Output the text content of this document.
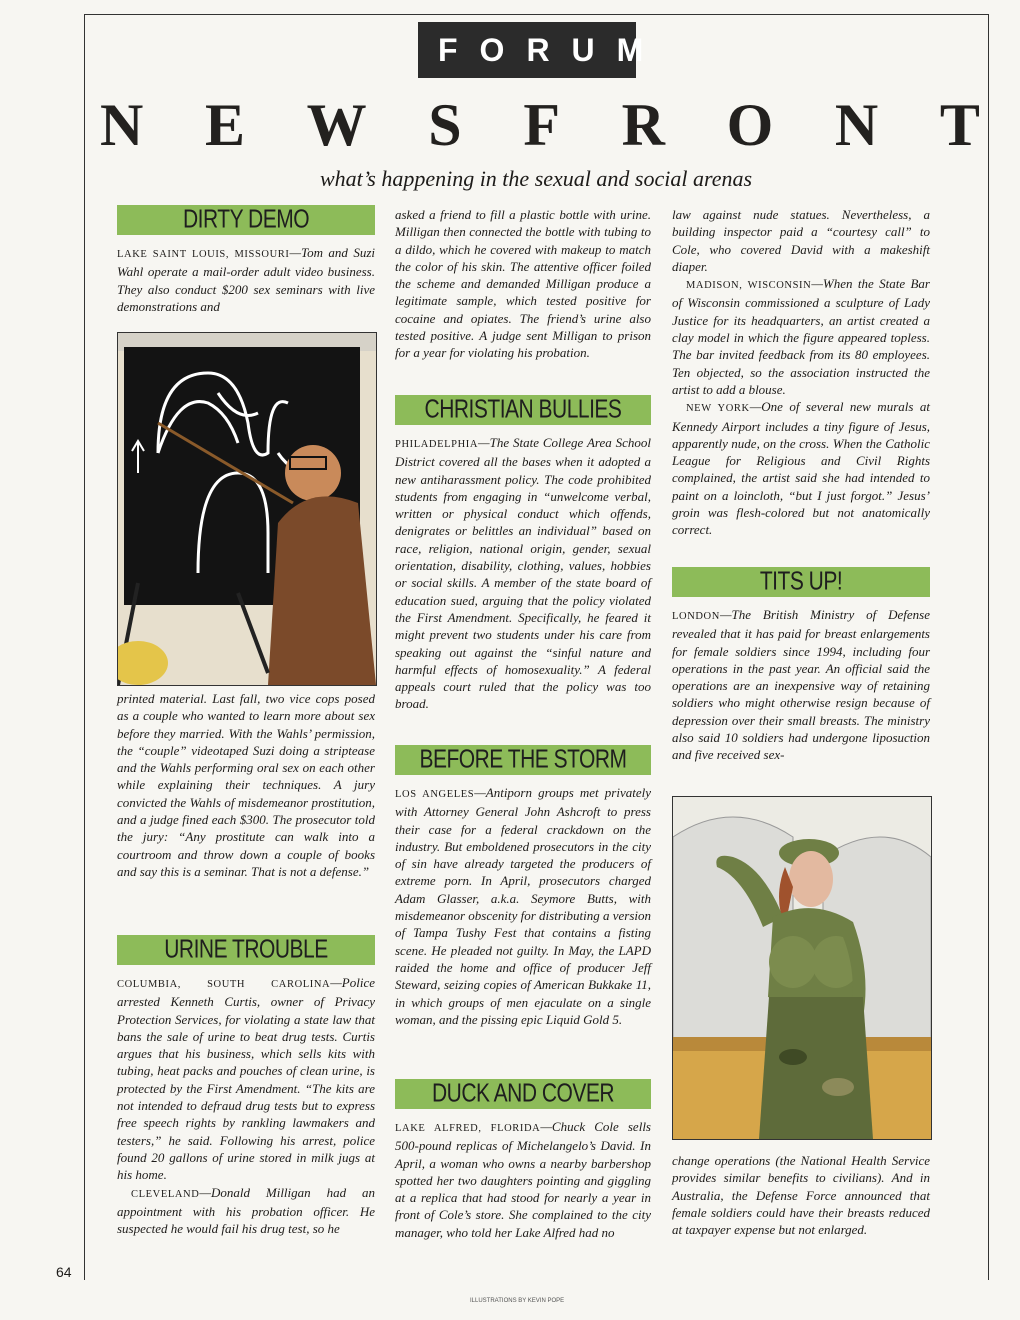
FORUM
N E W S F R O N T
what’s happening in the sexual and social arenas
DIRTY DEMO

LAKE SAINT LOUIS, MISSOURI—Tom and Suzi Wahl operate a mail-order adult video business. They also conduct $200 sex seminars with live demonstrations and

printed material. Last fall, two vice cops posed as a couple who wanted to learn more about sex before they married. With the Wahls’ permission, the “couple” videotaped Suzi doing a striptease and the Wahls performing oral sex on each other while explaining their techniques. A jury convicted the Wahls of misdemeanor prostitution, and a judge fined each $300. The prosecutor told the jury: “Any prostitute can walk into a courtroom and throw down a couple of books and say this is a seminar. That is not a defense.”

URINE TROUBLE

COLUMBIA, SOUTH CAROLINA—Police arrested Kenneth Curtis, owner of Privacy Protection Services, for violating a state law that bans the sale of urine to beat drug tests. Curtis argues that his business, which sells kits with tubing, heat packs and pouches of clean urine, is protected by the First Amendment. “The kits are not intended to defraud drug tests but to express free speech rights by rankling lawmakers and testers,” he said. Following his arrest, police found 20 gallons of urine stored in milk jugs at his home.

CLEVELAND—Donald Milligan had an appointment with his probation officer. He suspected he would fail his drug test, so he

asked a friend to fill a plastic bottle with urine. Milligan then connected the bottle with tubing to a dildo, which he covered with makeup to match the color of his skin. The attentive officer foiled the scheme and demanded Milligan produce a legitimate sample, which tested positive for cocaine and opiates. The friend’s urine also tested positive. A judge sent Milligan to prison for a year for violating his probation.

CHRISTIAN BULLIES

PHILADELPHIA—The State College Area School District covered all the bases when it adopted a new antiharassment policy. The code prohibited students from engaging in “unwelcome verbal, written or physical conduct which offends, denigrates or belittles an individual” based on race, religion, national origin, gender, sexual orientation, disability, clothing, values, hobbies or social skills. A member of the state board of education sued, arguing that the policy violated the First Amendment. Specifically, he feared it might prevent two students under his care from speaking out against the “sinful nature and harmful effects of homosexuality.” A federal appeals court ruled that the policy was too broad.

BEFORE THE STORM

LOS ANGELES—Antiporn groups met privately with Attorney General John Ashcroft to press their case for a federal crackdown on the industry. But emboldened prosecutors in the city of sin have already targeted the producers of extreme porn. In April, prosecutors charged Adam Glasser, a.k.a. Seymore Butts, with misdemeanor obscenity for distributing a version of Tampa Tushy Fest that contains a fisting scene. He pleaded not guilty. In May, the LAPD raided the home and office of producer Jeff Steward, seizing copies of American Bukkake 11, in which groups of men ejaculate on a single woman, and the pissing epic Liquid Gold 5.

DUCK AND COVER

LAKE ALFRED, FLORIDA—Chuck Cole sells 500-pound replicas of Michelangelo’s David. In April, a woman who owns a nearby barbershop spotted her two daughters pointing and giggling at a replica that had stood for nearly a year in front of Cole’s store. She complained to the city manager, who told her Lake Alfred had no

law against nude statues. Nevertheless, a building inspector paid a “courtesy call” to Cole, who covered David with a makeshift diaper.

MADISON, WISCONSIN—When the State Bar of Wisconsin commissioned a sculpture of Lady Justice for its headquarters, an artist created a clay model in which the figure appeared topless. The bar invited feedback from its 80 employees. Ten objected, so the association instructed the artist to add a blouse.

NEW YORK—One of several new murals at Kennedy Airport includes a tiny figure of Jesus, apparently nude, on the cross. When the Catholic League for Religious and Civil Rights complained, the artist said she had intended to paint on a loincloth, “but I just forgot.” Jesus’ groin was flesh-colored but not anatomically correct.

TITS UP!

LONDON—The British Ministry of Defense revealed that it has paid for breast enlargements for female soldiers since 1994, including four operations in the past year. An official said the operations are an inexpensive way of retaining soldiers who might otherwise resign because of depression over their small breasts. The ministry also said 10 soldiers had undergone liposuction and five received sex-

change operations (the National Health Service provides similar benefits to civilians). And in Australia, the Defense Force announced that female soldiers could have their breasts reduced at taxpayer expense but not enlarged.

64
ILLUSTRATIONS BY KEVIN POPE
